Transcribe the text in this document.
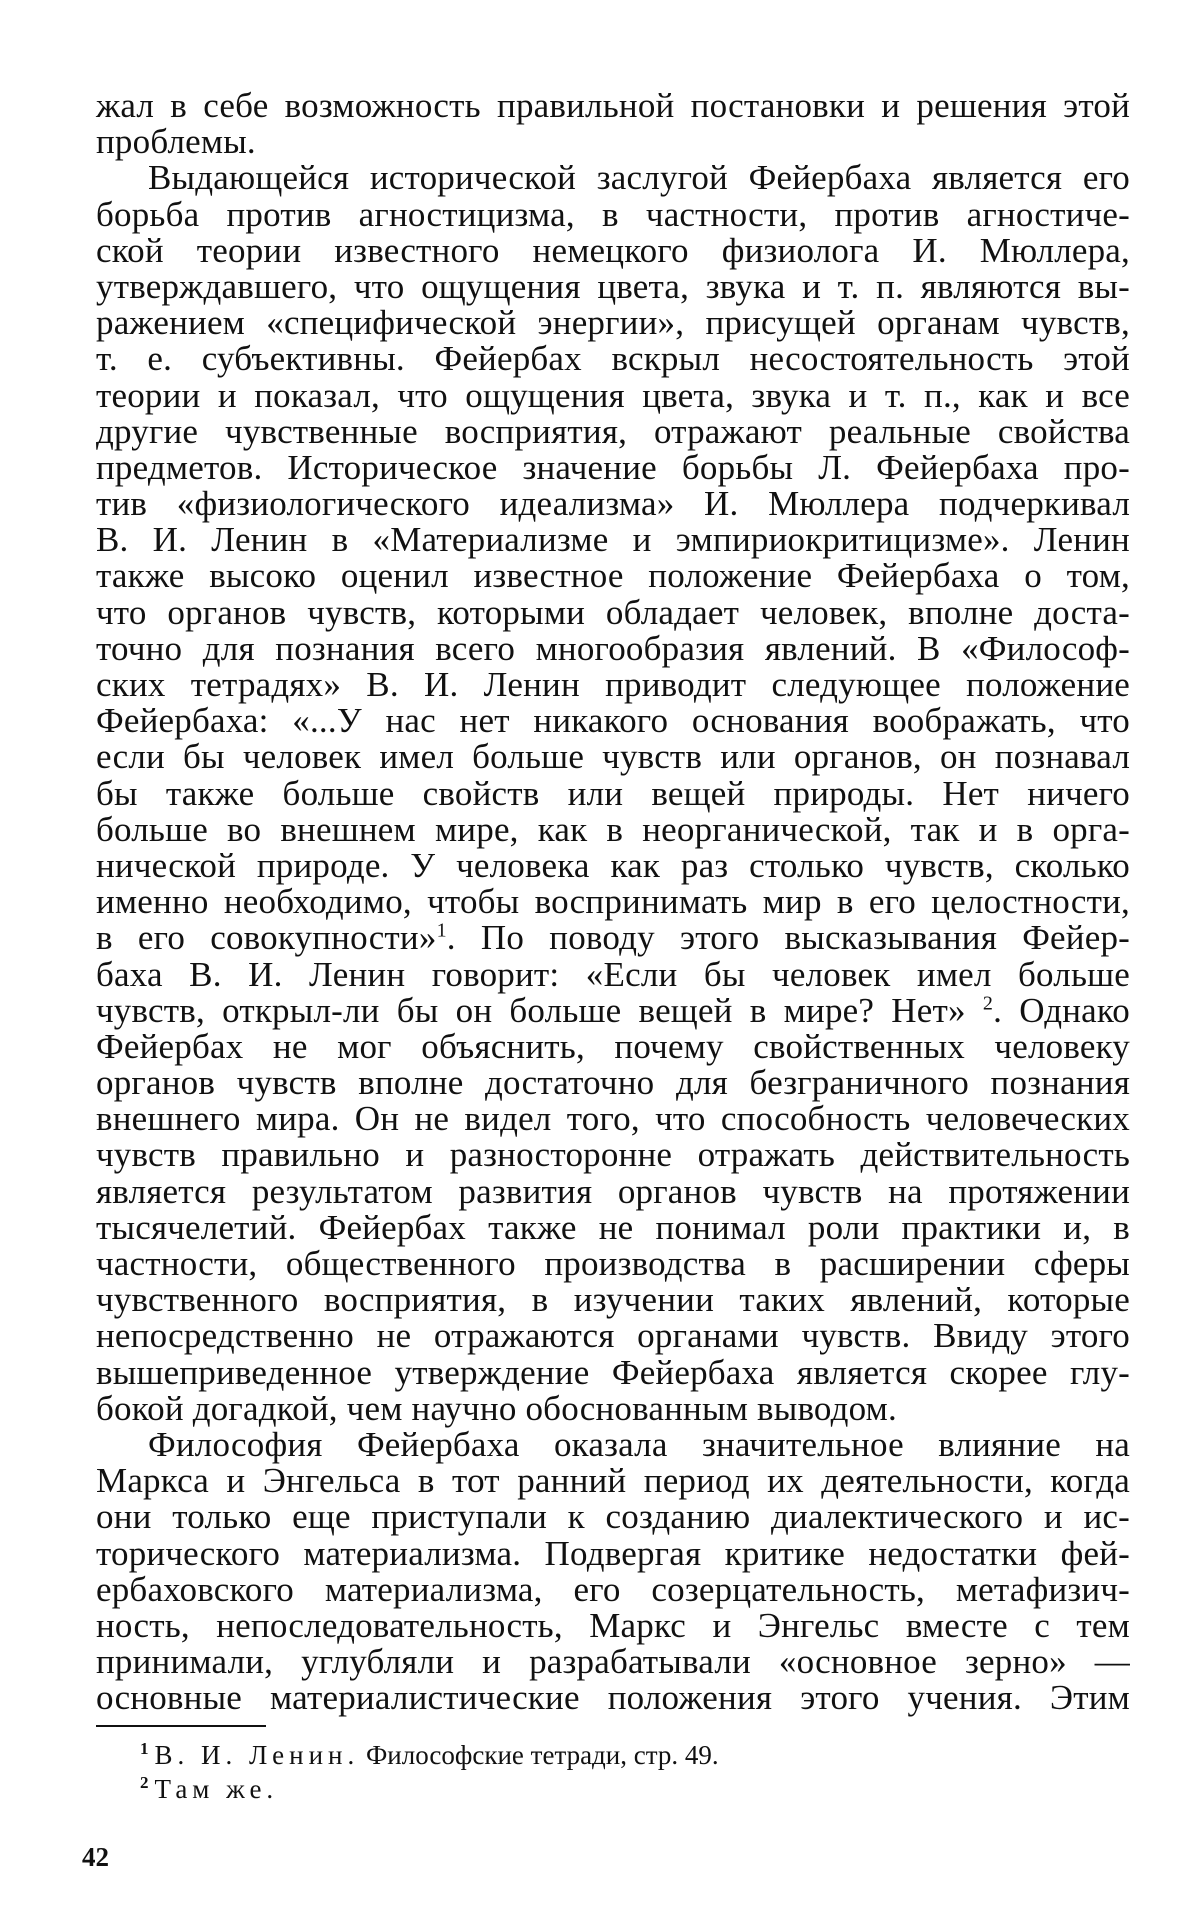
жал в себе возможность правильной постановки и решения этой
проблемы.
Выдающейся исторической заслугой Фейербаха является его
борьба против агностицизма, в частности, против агностиче-
ской теории известного немецкого физиолога И. Мюллера,
утверждавшего, что ощущения цвета, звука и т. п. являются вы-
ражением «специфической энергии», присущей органам чувств,
т. е. субъективны. Фейербах вскрыл несостоятельность этой
теории и показал, что ощущения цвета, звука и т. п., как и все
другие чувственные восприятия, отражают реальные свойства
предметов. Историческое значение борьбы Л. Фейербаха про-
тив «физиологического идеализма» И. Мюллера подчеркивал
В. И. Ленин в «Материализме и эмпириокритицизме». Ленин
также высоко оценил известное положение Фейербаха о том,
что органов чувств, которыми обладает человек, вполне доста-
точно для познания всего многообразия явлений. В «Философ-
ских тетрадях» В. И. Ленин приводит следующее положение
Фейербаха: «...У нас нет никакого основания воображать, что
если бы человек имел больше чувств или органов, он познавал
бы также больше свойств или вещей природы. Нет ничего
больше во внешнем мире, как в неорганической, так и в орга-
нической природе. У человека как раз столько чувств, сколько
именно необходимо, чтобы воспринимать мир в его целостности,
в его совокупности»$^1$. По поводу этого высказывания Фейер-
баха В. И. Ленин говорит: «Если бы человек имел больше
чувств, открыл-ли бы он больше вещей в мире? Нет» $^2$. Однако
Фейербах не мог объяснить, почему свойственных человеку
органов чувств вполне достаточно для безграничного познания
внешнего мира. Он не видел того, что способность человеческих
чувств правильно и разносторонне отражать действительность
является результатом развития органов чувств на протяжении
тысячелетий. Фейербах также не понимал роли практики и, в
частности, общественного производства в расширении сферы
чувственного восприятия, в изучении таких явлений, которые
непосредственно не отражаются органами чувств. Ввиду этого
вышеприведенное утверждение Фейербаха является скорее глу-
бокой догадкой, чем научно обоснованным выводом.
Философия Фейербаха оказала значительное влияние на
Маркса и Энгельса в тот ранний период их деятельности, когда
они только еще приступали к созданию диалектического и ис-
торического материализма. Подвергая критике недостатки фей-
ербаховского материализма, его созерцательность, метафизич-
ность, непоследовательность, Маркс и Энгельс вместе с тем
принимали, углубляли и разрабатывали «основное зерно» —
основные материалистические положения этого учения. Этим
$^1$ В. И. Ленин. Философские тетради, стр. 49.
$^2$ Там же.
42
